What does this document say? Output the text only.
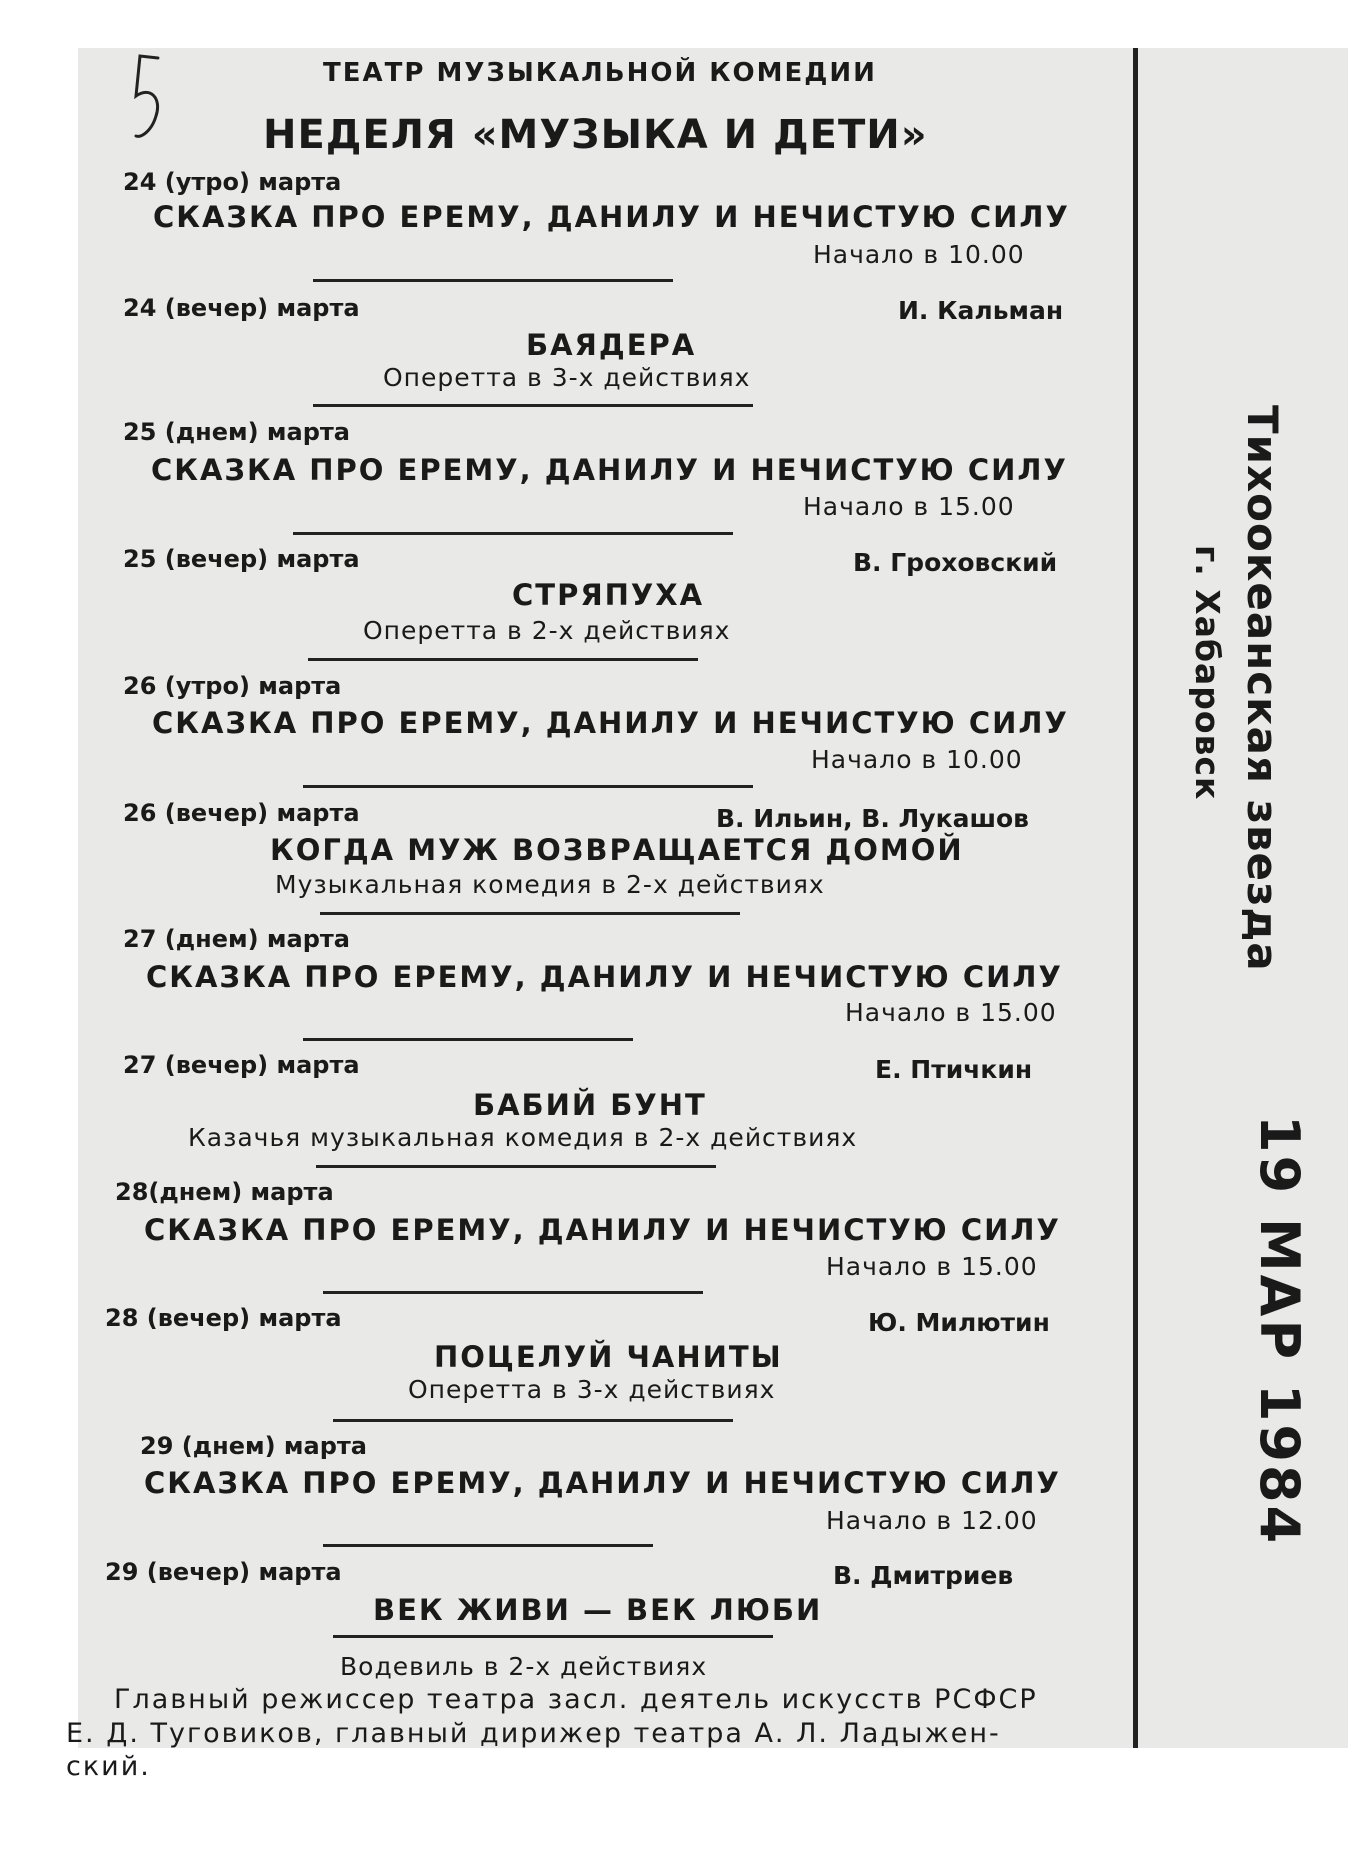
ТЕАТР МУЗЫКАЛЬНОЙ КОМЕДИИ
НЕДЕЛЯ «МУЗЫКА И ДЕТИ»
24 (утро) марта
СКАЗКА ПРО ЕРЕМУ, ДАНИЛУ И НЕЧИСТУЮ СИЛУ
Начало в 10.00
24 (вечер) марта	И. Кальман
БАЯДЕРА
Оперетта в 3-х действиях
25 (днем) марта
СКАЗКА ПРО ЕРЕМУ, ДАНИЛУ И НЕЧИСТУЮ СИЛУ
Начало в 15.00
25 (вечер) марта	В. Гроховский
СТРЯПУХА
Оперетта в 2-х действиях
26 (утро) марта
СКАЗКА ПРО ЕРЕМУ, ДАНИЛУ И НЕЧИСТУЮ СИЛУ
Начало в 10.00
26 (вечер) марта	В. Ильин, В. Лукашов
КОГДА МУЖ ВОЗВРАЩАЕТСЯ ДОМОЙ
Музыкальная комедия в 2-х действиях
27 (днем) марта
СКАЗКА ПРО ЕРЕМУ, ДАНИЛУ И НЕЧИСТУЮ СИЛУ
Начало в 15.00
27 (вечер) марта	Е. Птичкин
БАБИЙ БУНТ
Казачья музыкальная комедия в 2-х действиях
28(днем) марта
СКАЗКА ПРО ЕРЕМУ, ДАНИЛУ И НЕЧИСТУЮ СИЛУ
Начало в 15.00
28 (вечер) марта	Ю. Милютин
ПОЦЕЛУЙ ЧАНИТЫ
Оперетта в 3-х действиях
29 (днем) марта
СКАЗКА ПРО ЕРЕМУ, ДАНИЛУ И НЕЧИСТУЮ СИЛУ
Начало в 12.00
29 (вечер) марта	В. Дмитриев
ВЕК ЖИВИ — ВЕК ЛЮБИ
Водевиль в 2-х действиях
Главный режиссер театра засл. деятель искусств РСФСР
Е. Д. Туговиков, главный дирижер театра А. Л. Ладыжен-
ский.
Тихоокеанская звезда
г. Хабаровск
19 МАР 1984
